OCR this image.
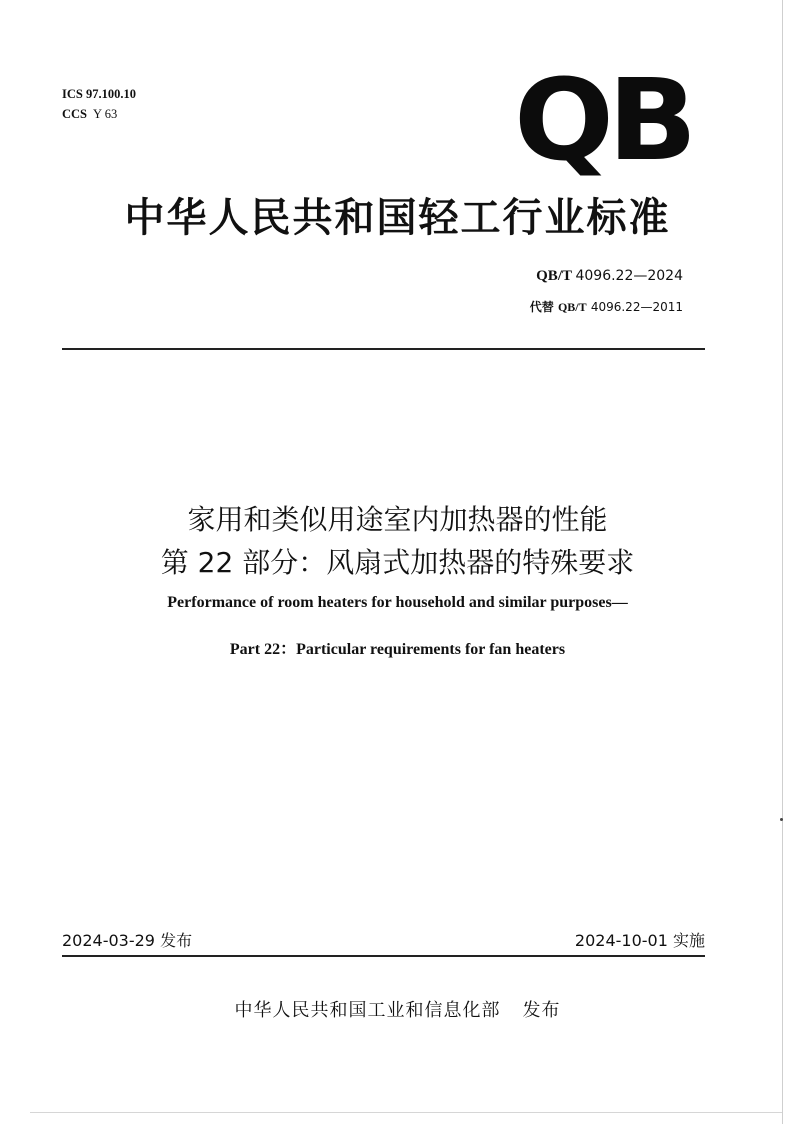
ICS 97.100.10
CCS Y 63	QB
中华人民共和国轻工行业标准
QB/T 4096.22—2024
代替 QB/T 4096.22—2011
家用和类似用途室内加热器的性能
第 22 部分：风扇式加热器的特殊要求
Performance of room heaters for household and similar purposes—
Part 22：Particular requirements for fan heaters
2024-03-29 发布	2024-10-01 实施
中华人民共和国工业和信息化部 发布
